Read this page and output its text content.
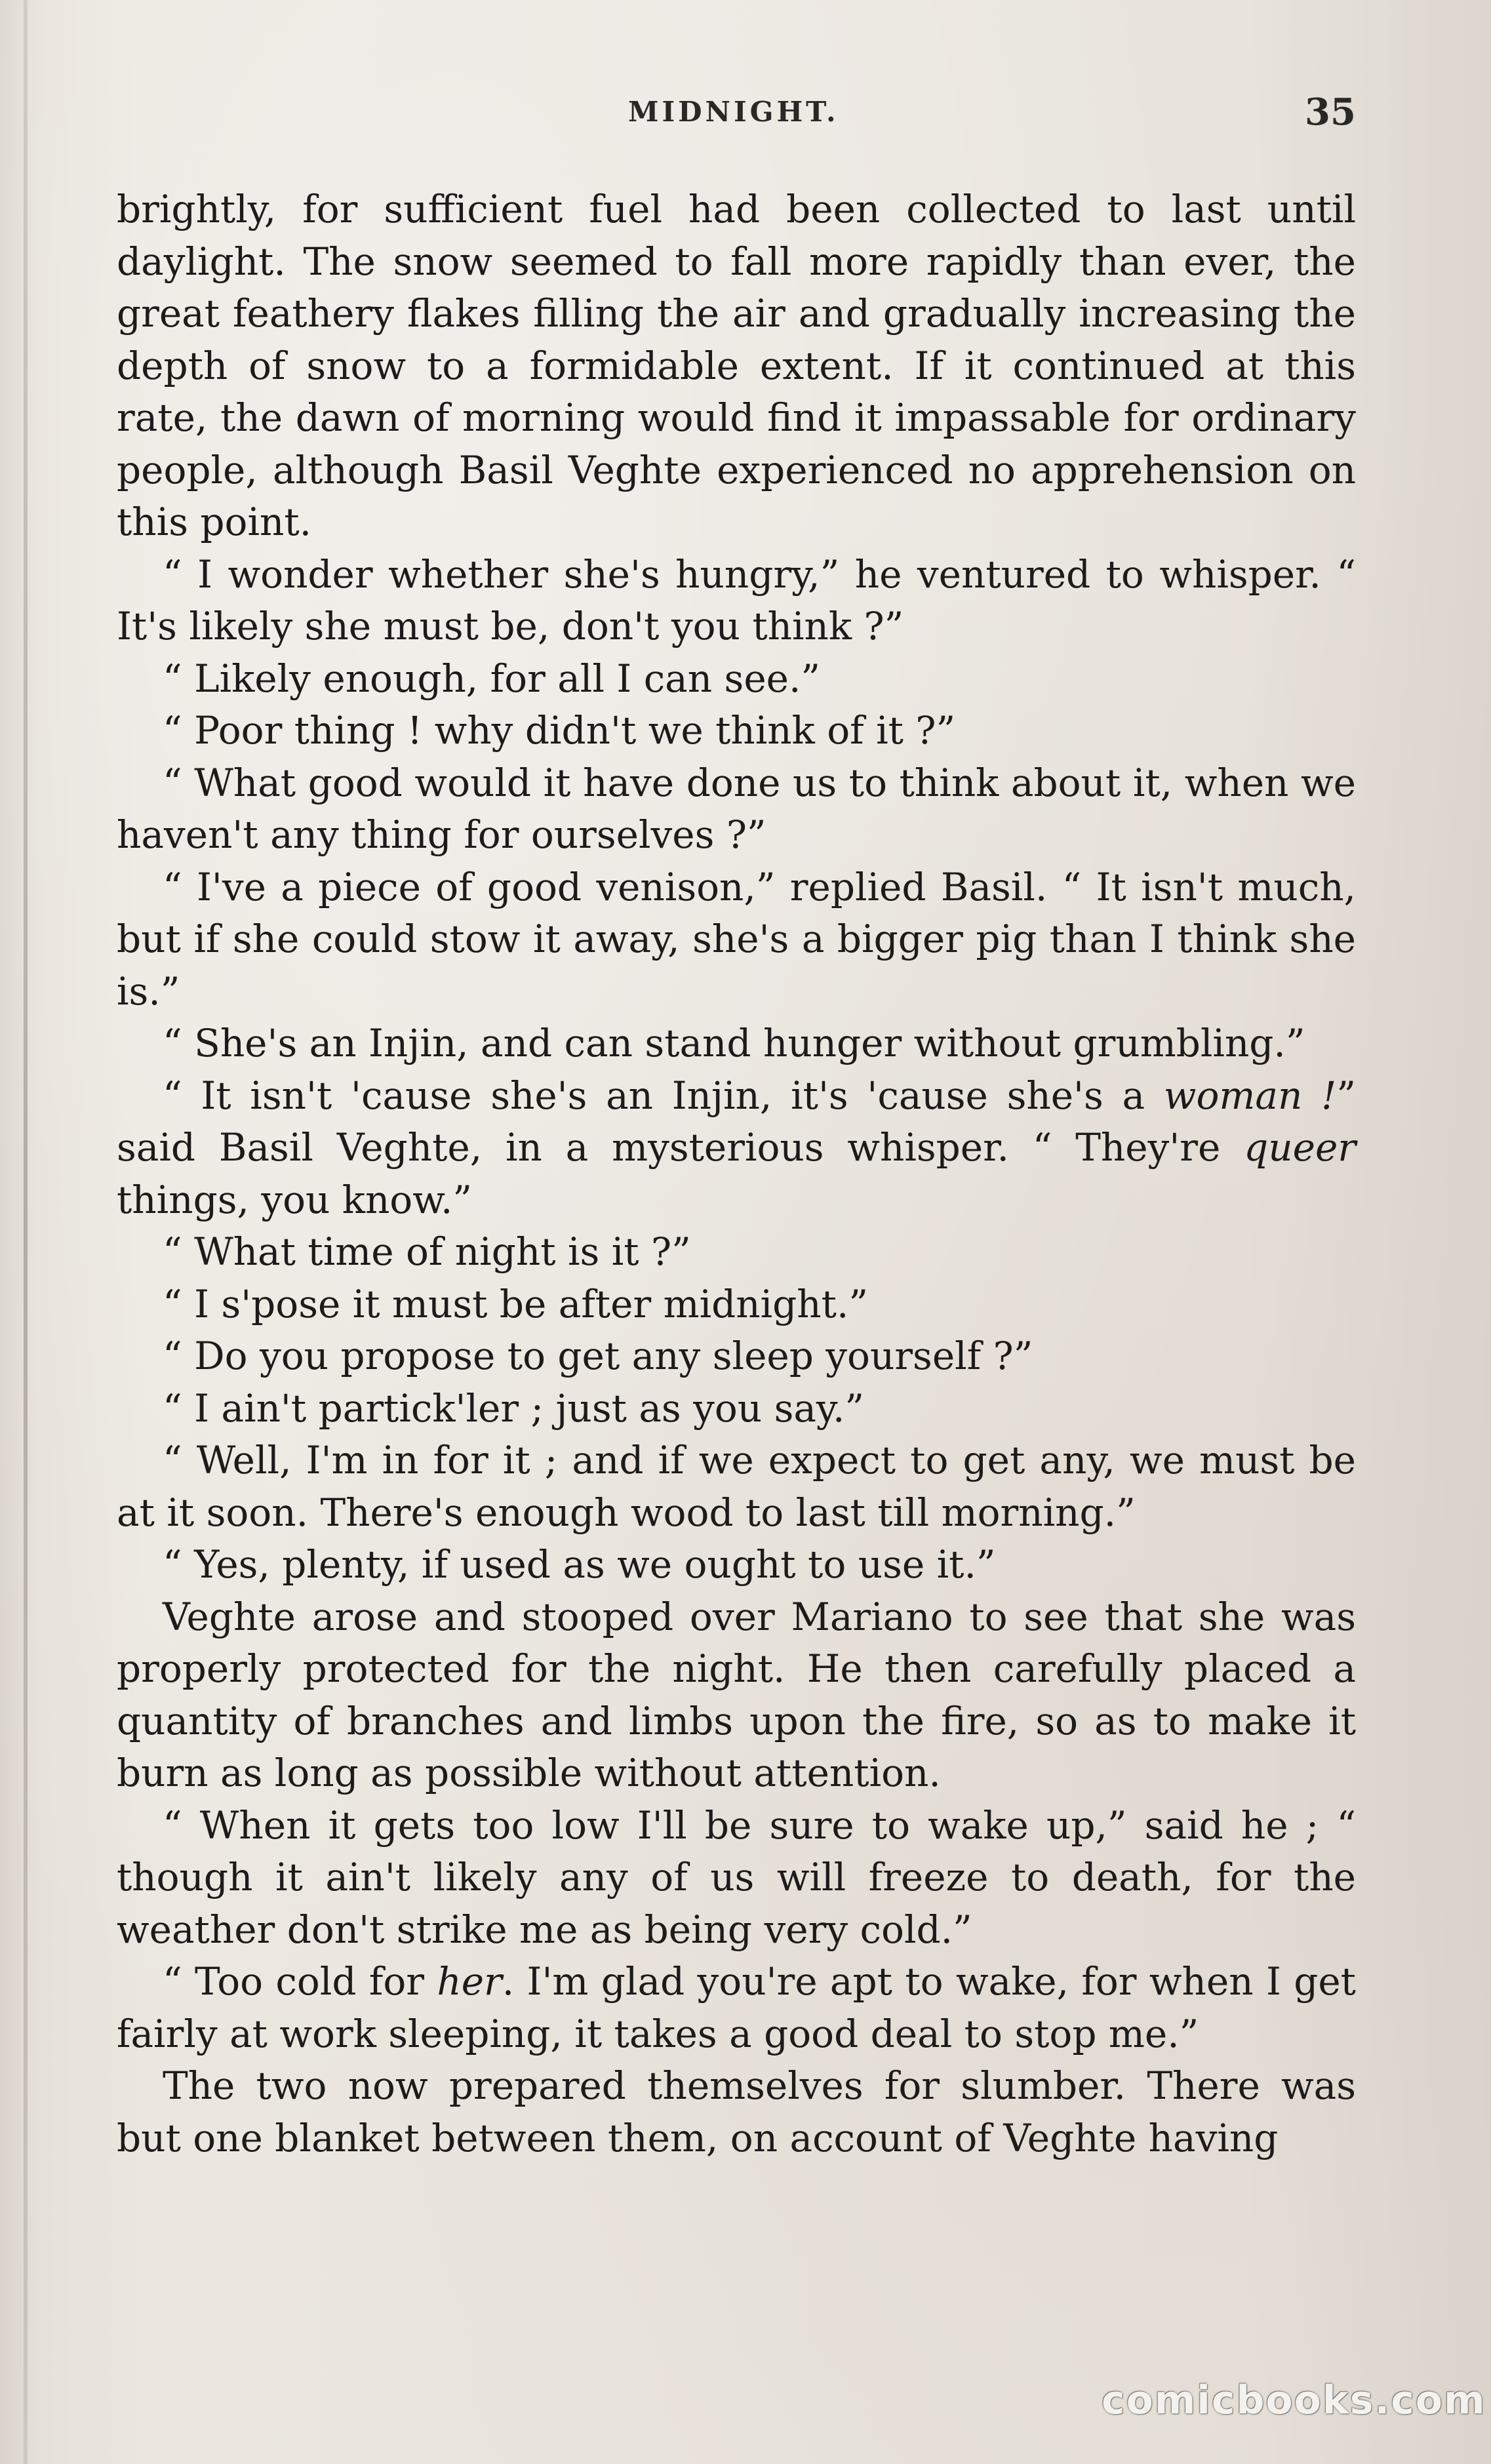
MIDNIGHT.	35

brightly, for sufficient fuel had been collected to last until daylight. The snow seemed to fall more rapidly than ever, the great feathery flakes filling the air and gradually increasing the depth of snow to a formidable extent. If it continued at this rate, the dawn of morning would find it impassable for ordinary people, although Basil Veghte experienced no apprehension on this point.

“ I wonder whether she's hungry,” he ventured to whisper. “ It's likely she must be, don't you think ?”

“ Likely enough, for all I can see.”

“ Poor thing ! why didn't we think of it ?”

“ What good would it have done us to think about it, when we haven't any thing for ourselves ?”

“ I've a piece of good venison,” replied Basil. “ It isn't much, but if she could stow it away, she's a bigger pig than I think she is.”

“ She's an Injin, and can stand hunger without grumbling.”

“ It isn't 'cause she's an Injin, it's 'cause she's a woman !” said Basil Veghte, in a mysterious whisper. “ They're queer things, you know.”

“ What time of night is it ?”

“ I s'pose it must be after midnight.”

“ Do you propose to get any sleep yourself ?”

“ I ain't partick'ler ; just as you say.”

“ Well, I'm in for it ; and if we expect to get any, we must be at it soon. There's enough wood to last till morning.”

“ Yes, plenty, if used as we ought to use it.”

Veghte arose and stooped over Mariano to see that she was properly protected for the night. He then carefully placed a quantity of branches and limbs upon the fire, so as to make it burn as long as possible without attention.

“ When it gets too low I'll be sure to wake up,” said he ; “ though it ain't likely any of us will freeze to death, for the weather don't strike me as being very cold.”

“ Too cold for her. I'm glad you're apt to wake, for when I get fairly at work sleeping, it takes a good deal to stop me.”

The two now prepared themselves for slumber. There was but one blanket between them, on account of Veghte having

comicbooks.com
